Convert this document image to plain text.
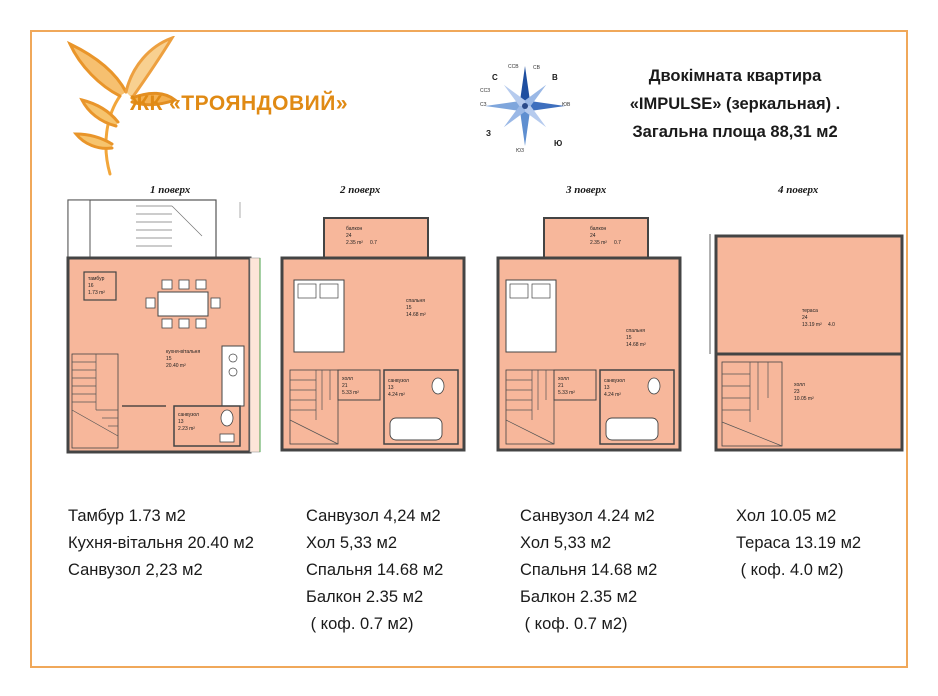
ЖК «ТРОЯНДОВИЙ»
С
Ю
В
З
СВ
СЗ	ЮВ
ЮЗ
ССВ
ССЗ
Двокімната квартира
«IMPULSE» (зеркальная) .
Загальна площа 88,31 м2
1 поверх	2 поверх	3 поверх	4 поверх
тамбур
16
1.73 m²
кухня-вітальня
15
20.40 m²
санвузол
13
2.23 m²
балкон
24
2.35 m² 0.7
спальня
15
14.68 m²
холл
21
5.33 m²
санвузол
13
4.24 m²
балкон
24
2.35 m² 0.7
спальня
15
14.68 m²
холл
21
5.33 m²
санвузол
13
4.24 m²
тераса
24
13.19 m² 4.0
холл
23
10.05 m²
Тамбур 1.73 м2
Кухня-вітальня 20.40 м2
Санвузол 2,23 м2
Санвузол 4,24 м2
Хол 5,33 м2
Спальня 14.68 м2
Балкон 2.35 м2
( коф. 0.7 м2)
Санвузол 4.24 м2
Хол 5,33 м2
Спальня 14.68 м2
Балкон 2.35 м2
( коф. 0.7 м2)
Хол 10.05 м2
Тераса 13.19 м2
( коф. 4.0 м2)
